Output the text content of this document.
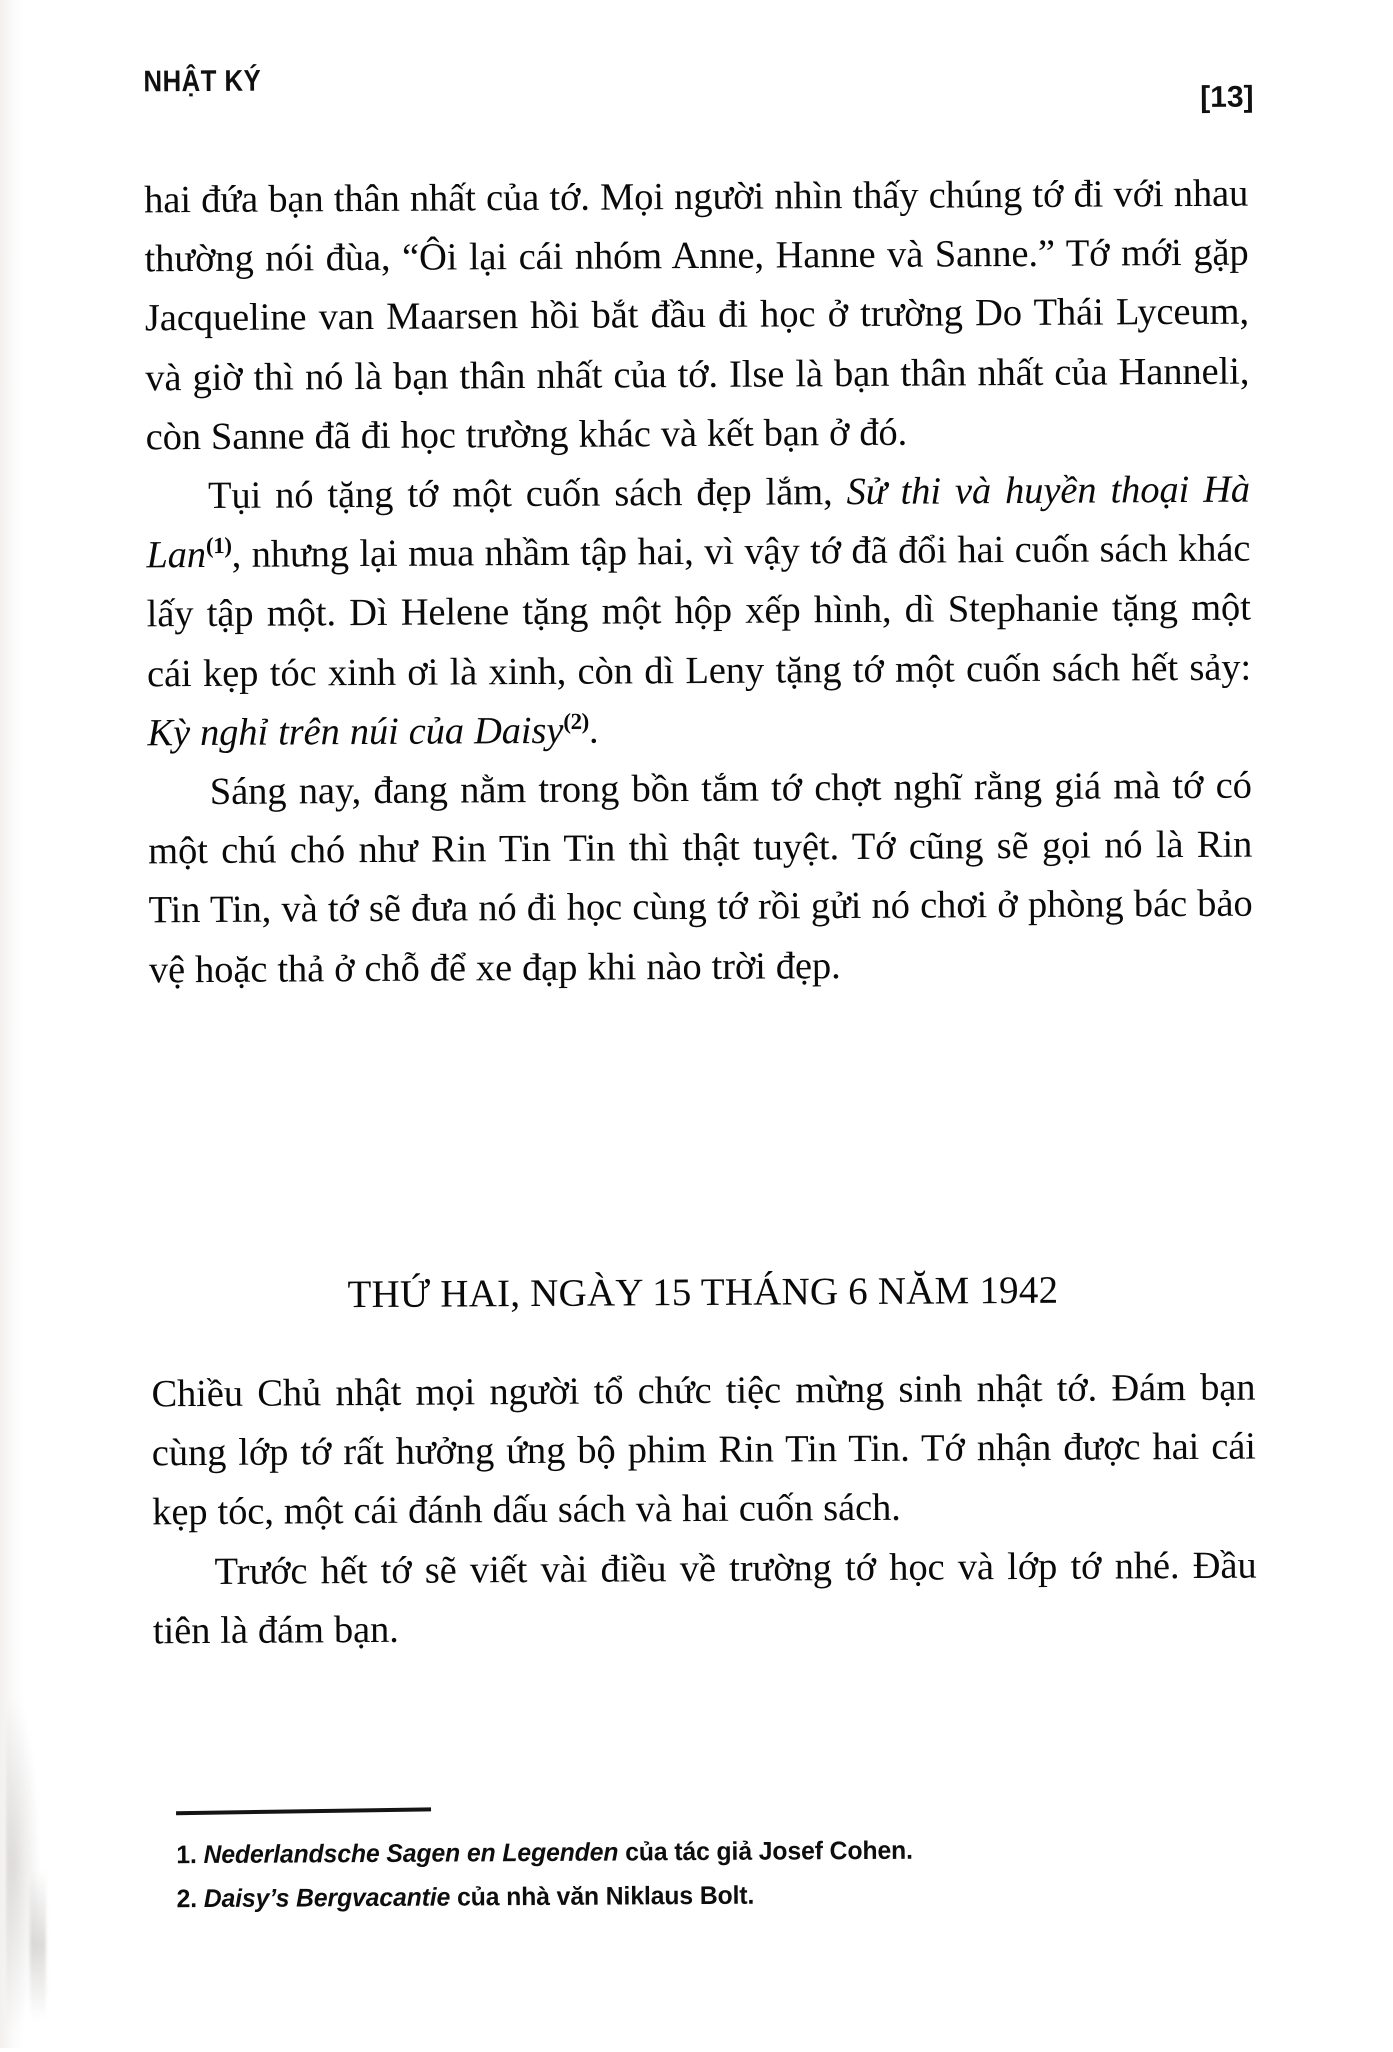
NHẬT KÝ	[13]

hai đứa bạn thân nhất của tớ. Mọi người nhìn thấy chúng tớ đi với nhau thường nói đùa, “Ôi lại cái nhóm Anne, Hanne và Sanne.” Tớ mới gặp Jacqueline van Maarsen hồi bắt đầu đi học ở trường Do Thái Lyceum, và giờ thì nó là bạn thân nhất của tớ. Ilse là bạn thân nhất của Hanneli, còn Sanne đã đi học trường khác và kết bạn ở đó.

Tụi nó tặng tớ một cuốn sách đẹp lắm, Sử thi và huyền thoại Hà Lan$^{(1)}$, nhưng lại mua nhầm tập hai, vì vậy tớ đã đổi hai cuốn sách khác lấy tập một. Dì Helene tặng một hộp xếp hình, dì Stephanie tặng một cái kẹp tóc xinh ơi là xinh, còn dì Leny tặng tớ một cuốn sách hết sảy: Kỳ nghỉ trên núi của Daisy$^{(2)}$.

Sáng nay, đang nằm trong bồn tắm tớ chợt nghĩ rằng giá mà tớ có một chú chó như Rin Tin Tin thì thật tuyệt. Tớ cũng sẽ gọi nó là Rin Tin Tin, và tớ sẽ đưa nó đi học cùng tớ rồi gửi nó chơi ở phòng bác bảo vệ hoặc thả ở chỗ để xe đạp khi nào trời đẹp.

THỨ HAI, NGÀY 15 THÁNG 6 NĂM 1942

Chiều Chủ nhật mọi người tổ chức tiệc mừng sinh nhật tớ. Đám bạn cùng lớp tớ rất hưởng ứng bộ phim Rin Tin Tin. Tớ nhận được hai cái kẹp tóc, một cái đánh dấu sách và hai cuốn sách.

Trước hết tớ sẽ viết vài điều về trường tớ học và lớp tớ nhé. Đầu tiên là đám bạn.

1. Nederlandsche Sagen en Legenden của tác giả Josef Cohen.
2. Daisy’s Bergvacantie của nhà văn Niklaus Bolt.
